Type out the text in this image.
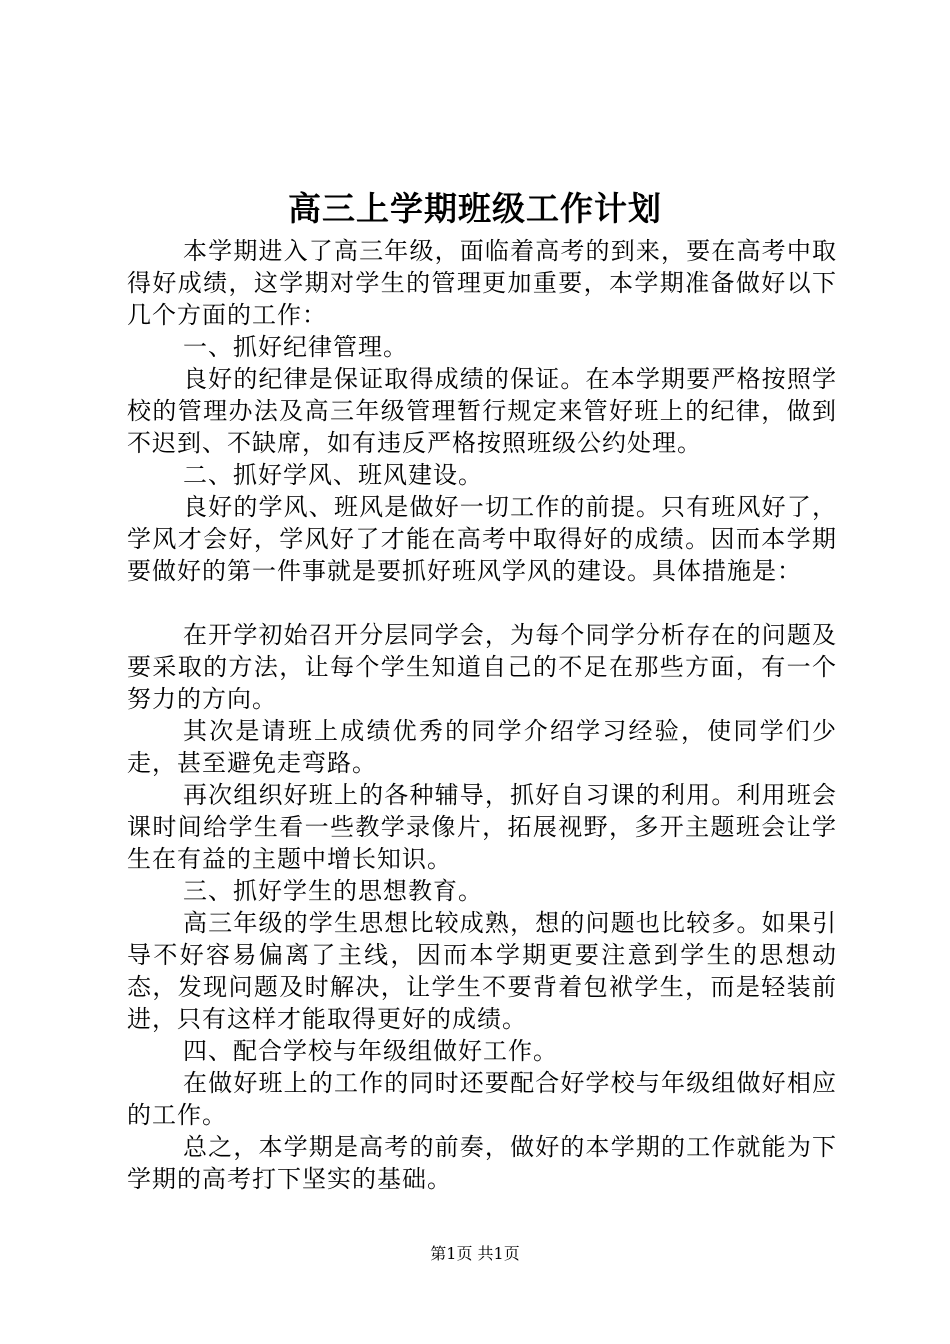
高三上学期班级工作计划

本学期进入了高三年级，面临着高考的到来，要在高考中取得好成绩，这学期对学生的管理更加重要，本学期准备做好以下几个方面的工作：

一、抓好纪律管理。

良好的纪律是保证取得成绩的保证。在本学期要严格按照学校的管理办法及高三年级管理暂行规定来管好班上的纪律，做到不迟到、不缺席，如有违反严格按照班级公约处理。

二、抓好学风、班风建设。

良好的学风、班风是做好一切工作的前提。只有班风好了，学风才会好，学风好了才能在高考中取得好的成绩。因而本学期要做好的第一件事就是要抓好班风学风的建设。具体措施是：

在开学初始召开分层同学会，为每个同学分析存在的问题及要采取的方法，让每个学生知道自己的不足在那些方面，有一个努力的方向。

其次是请班上成绩优秀的同学介绍学习经验，使同学们少走，甚至避免走弯路。

再次组织好班上的各种辅导，抓好自习课的利用。利用班会课时间给学生看一些教学录像片，拓展视野，多开主题班会让学生在有益的主题中增长知识。

三、抓好学生的思想教育。

高三年级的学生思想比较成熟，想的问题也比较多。如果引导不好容易偏离了主线，因而本学期更要注意到学生的思想动态，发现问题及时解决，让学生不要背着包袱学生，而是轻装前进，只有这样才能取得更好的成绩。

四、配合学校与年级组做好工作。

在做好班上的工作的同时还要配合好学校与年级组做好相应的工作。

总之，本学期是高考的前奏，做好的本学期的工作就能为下学期的高考打下坚实的基础。

第1页 共1页
